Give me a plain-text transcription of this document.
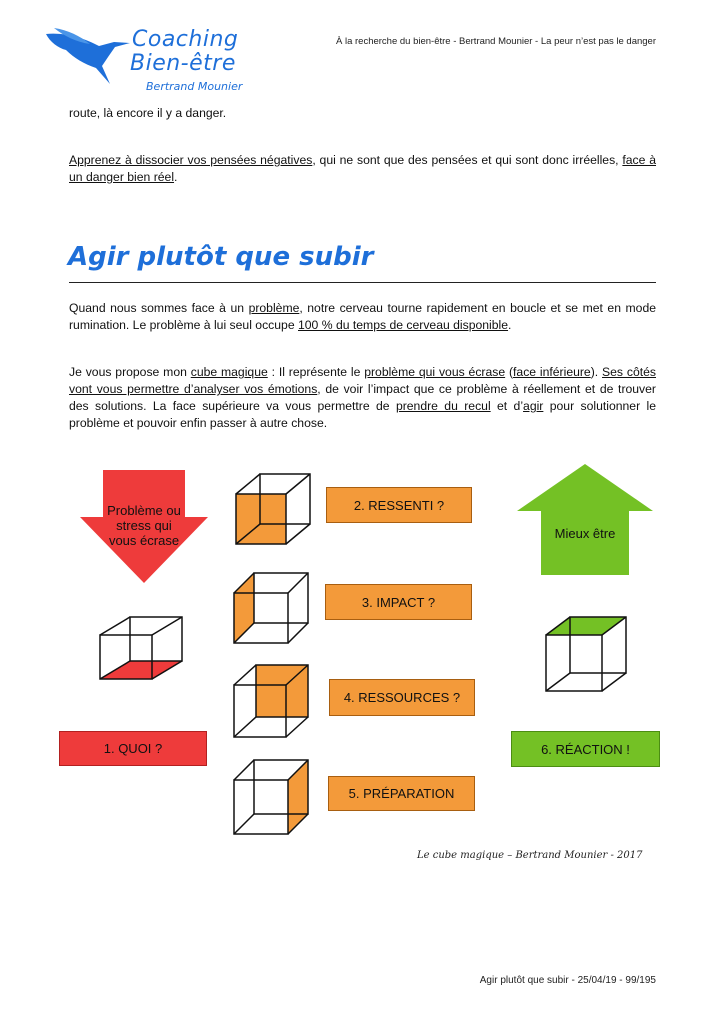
Coaching
Bien-être
Bertrand Mounier
À la recherche du bien-être - Bertrand Mounier - La peur n’est pas le danger
route, là encore il y a danger.
Apprenez à dissocier vos pensées négatives, qui ne sont que des pensées et qui sont donc irréelles, face à un danger bien réel.
Agir plutôt que subir
Quand nous sommes face à un problème, notre cerveau tourne rapidement en boucle et se met en mode rumination. Le problème à lui seul occupe 100 % du temps de cerveau disponible.
Je vous propose mon cube magique : Il représente le problème qui vous écrase (face inférieure). Ses côtés vont vous permettre d’analyser vos émotions, de voir l’impact que ce problème à réellement et de trouver des solutions. La face supérieure va vous permettre de prendre du recul et d’agir pour solutionner le problème et pouvoir enfin passer à autre chose.
Problème ou stress qui vous écrase	Mieux être
1. QUOI ?
2. RESSENTI ?
3. IMPACT ?
4. RESSOURCES ?
5. PRÉPARATION
6. RÉACTION !
Le cube magique – Bertrand Mounier - 2017
Agir plutôt que subir - 25/04/19 - 99/195
